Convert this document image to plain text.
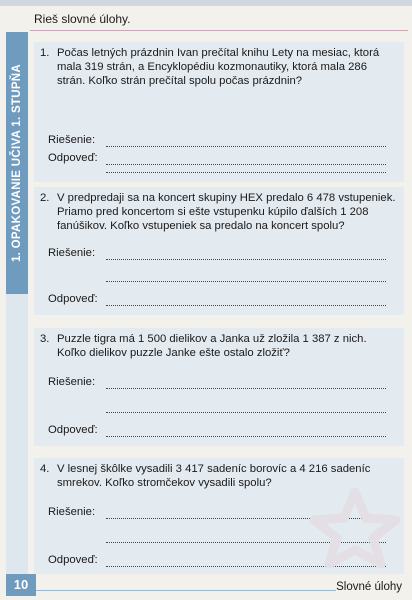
Rieš slovné úlohy.
1. OPAKOVANIE UČIVA 1. STUPŇA
1. Počas letných prázdnin Ivan prečítal knihu Lety na mesiac, ktorá mala 319 strán, a Encyklopédiu kozmonautiky, ktorá mala 286 strán. Koľko strán prečítal spolu počas prázdnin?
Riešenie:
Odpoveď:
2. V predpredaji sa na koncert skupiny HEX predalo 6 478 vstupeniek. Priamo pred koncertom si ešte vstupenku kúpilo ďalších 1 208 fanúšikov. Koľko vstupeniek sa predalo na koncert spolu?
Riešenie:
Odpoveď:
3. Puzzle tigra má 1 500 dielikov a Janka už zložila 1 387 z nich. Koľko dielikov puzzle Janke ešte ostalo zložiť?
Riešenie:
Odpoveď:
4. V lesnej škôlke vysadili 3 417 sadeníc borovíc a 4 216 sadeníc smrekov. Koľko stromčekov vysadili spolu?
Riešenie:
Odpoveď:
10	Slovné úlohy
